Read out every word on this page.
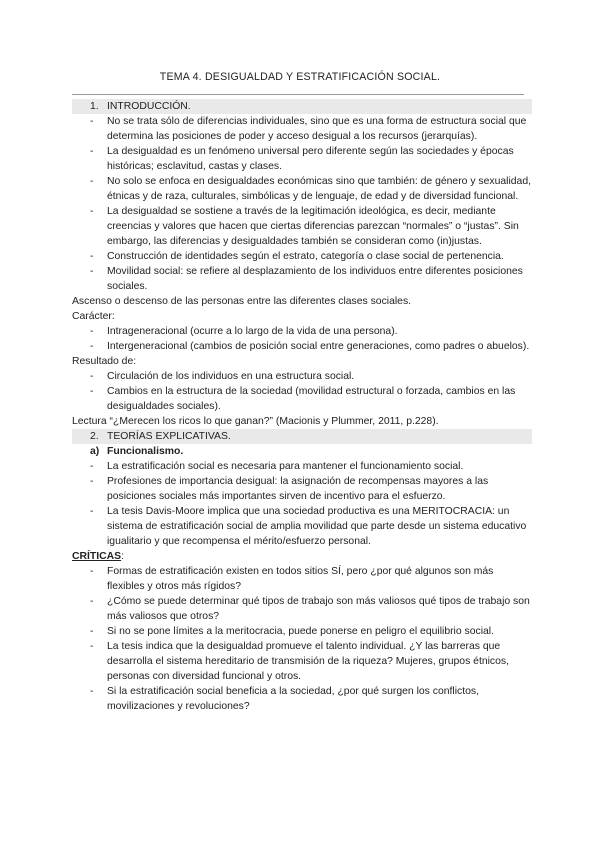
TEMA 4. DESIGUALDAD Y ESTRATIFICACIÓN SOCIAL.
1. INTRODUCCIÓN.
- No se trata sólo de diferencias individuales, sino que es una forma de estructura social que determina las posiciones de poder y acceso desigual a los recursos (jerarquías).
- La desigualdad es un fenómeno universal pero diferente según las sociedades y épocas históricas; esclavitud, castas y clases.
- No solo se enfoca en desigualdades económicas sino que también: de género y sexualidad, étnicas y de raza, culturales, simbólicas y de lenguaje, de edad y de diversidad funcional.
- La desigualdad se sostiene a través de la legitimación ideológica, es decir, mediante creencias y valores que hacen que ciertas diferencias parezcan “normales” o “justas”. Sin embargo, las diferencias y desigualdades también se consideran como (in)justas.
- Construcción de identidades según el estrato, categoría o clase social de pertenencia.
- Movilidad social: se refiere al desplazamiento de los individuos entre diferentes posiciones sociales.
Ascenso o descenso de las personas entre las diferentes clases sociales.
Carácter:
- Intrageneracional (ocurre a lo largo de la vida de una persona).
- Intergeneracional (cambios de posición social entre generaciones, como padres o abuelos).
Resultado de:
- Circulación de los individuos en una estructura social.
- Cambios en la estructura de la sociedad (movilidad estructural o forzada, cambios en las desigualdades sociales).
Lectura “¿Merecen los ricos lo que ganan?” (Macionis y Plummer, 2011, p.228).
2. TEORÍAS EXPLICATIVAS.
a) Funcionalismo.
- La estratificación social es necesaria para mantener el funcionamiento social.
- Profesiones de importancia desigual: la asignación de recompensas mayores a las posiciones sociales más importantes sirven de incentivo para el esfuerzo.
- La tesis Davis-Moore implica que una sociedad productiva es una MERITOCRACIA: un sistema de estratificación social de amplia movilidad que parte desde un sistema educativo igualitario y que recompensa el mérito/esfuerzo personal.
CRÍTICAS:
- Formas de estratificación existen en todos sitios SÍ, pero ¿por qué algunos son más flexibles y otros más rígidos?
- ¿Cómo se puede determinar qué tipos de trabajo son más valiosos qué tipos de trabajo son más valiosos que otros?
- Si no se pone límites a la meritocracia, puede ponerse en peligro el equilibrio social.
- La tesis indica que la desigualdad promueve el talento individual. ¿Y las barreras que desarrolla el sistema hereditario de transmisión de la riqueza? Mujeres, grupos étnicos, personas con diversidad funcional y otros.
- Si la estratificación social beneficia a la sociedad, ¿por qué surgen los conflictos, movilizaciones y revoluciones?
